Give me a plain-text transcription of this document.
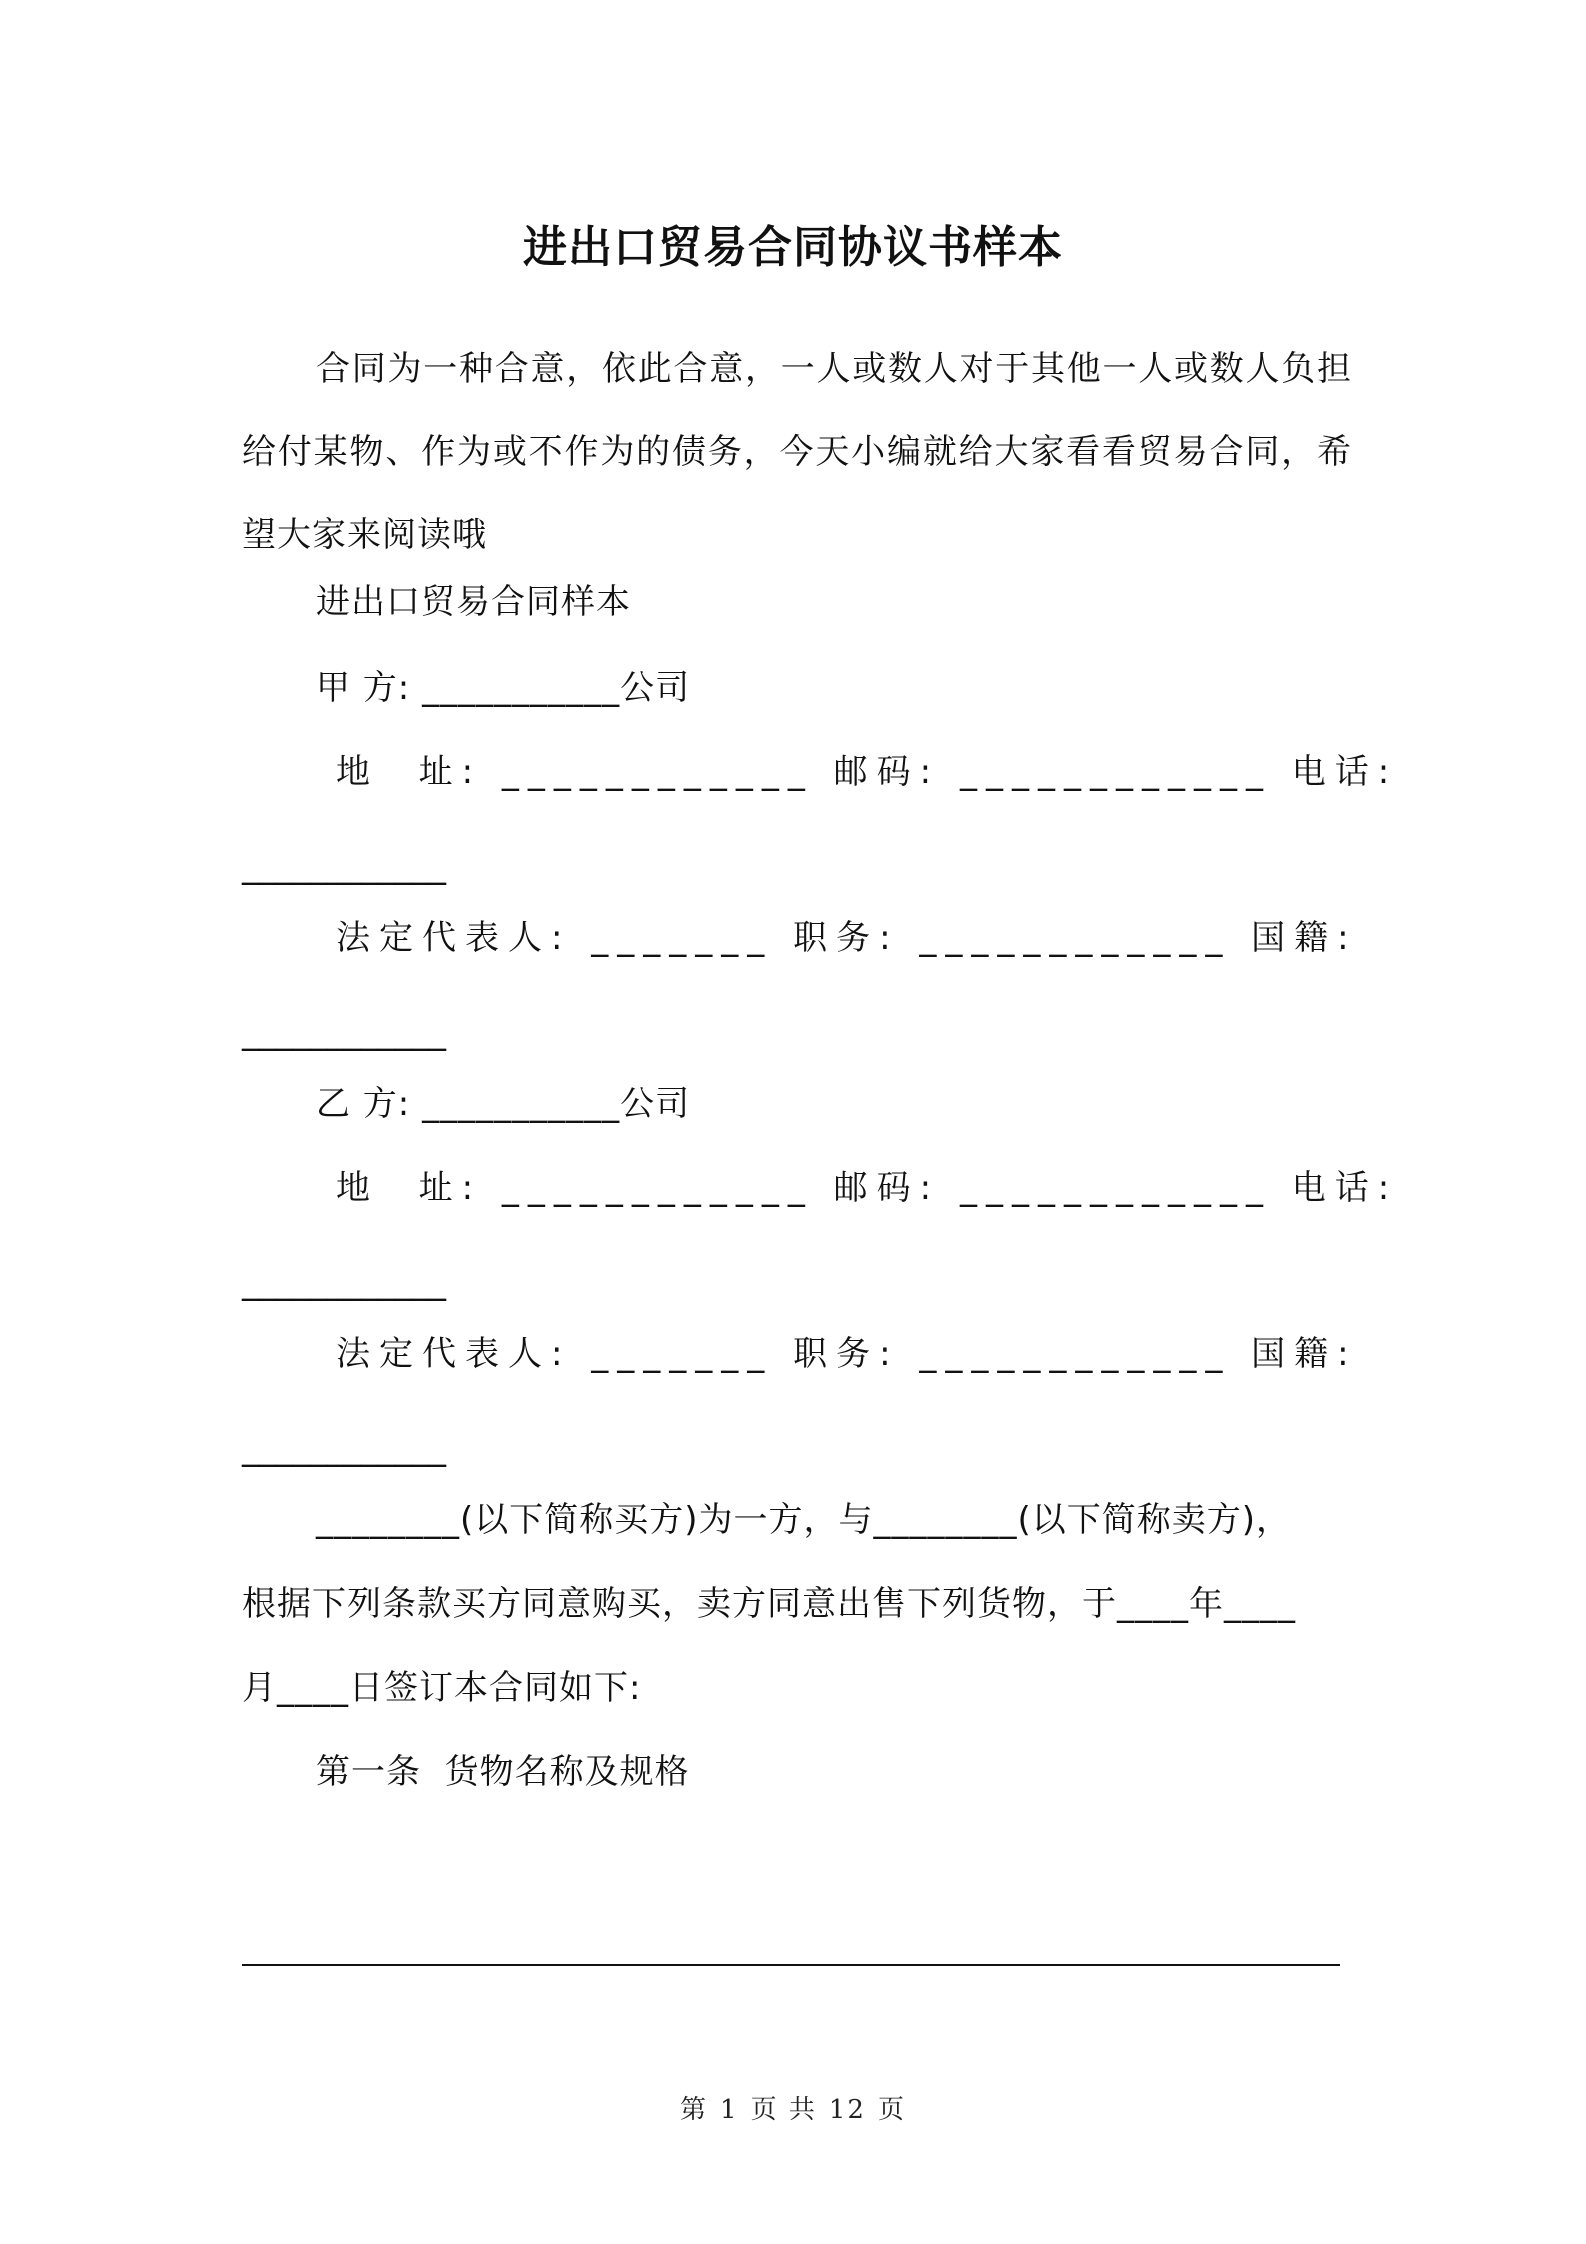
进出口贸易合同协议书样本
合同为一种合意，依此合意，一人或数人对于其他一人或数人负担给付某物、作为或不作为的债务，今天小编就给大家看看贸易合同，希望大家来阅读哦
进出口贸易合同样本
甲 方: ___________公司
地  址: ____________ 邮码: ____________ 电话:
____________
法定代表人: _______ 职务: ____________ 国籍:
____________
乙 方: ___________公司
地  址: ____________ 邮码: ____________ 电话:
____________
法定代表人: _______ 职务: ____________ 国籍:
____________
________(以下简称买方)为一方，与________(以下简称卖方)，
根据下列条款买方同意购买，卖方同意出售下列货物，于____年____
月____日签订本合同如下:
第一条  货物名称及规格
第 1 页 共 12 页
